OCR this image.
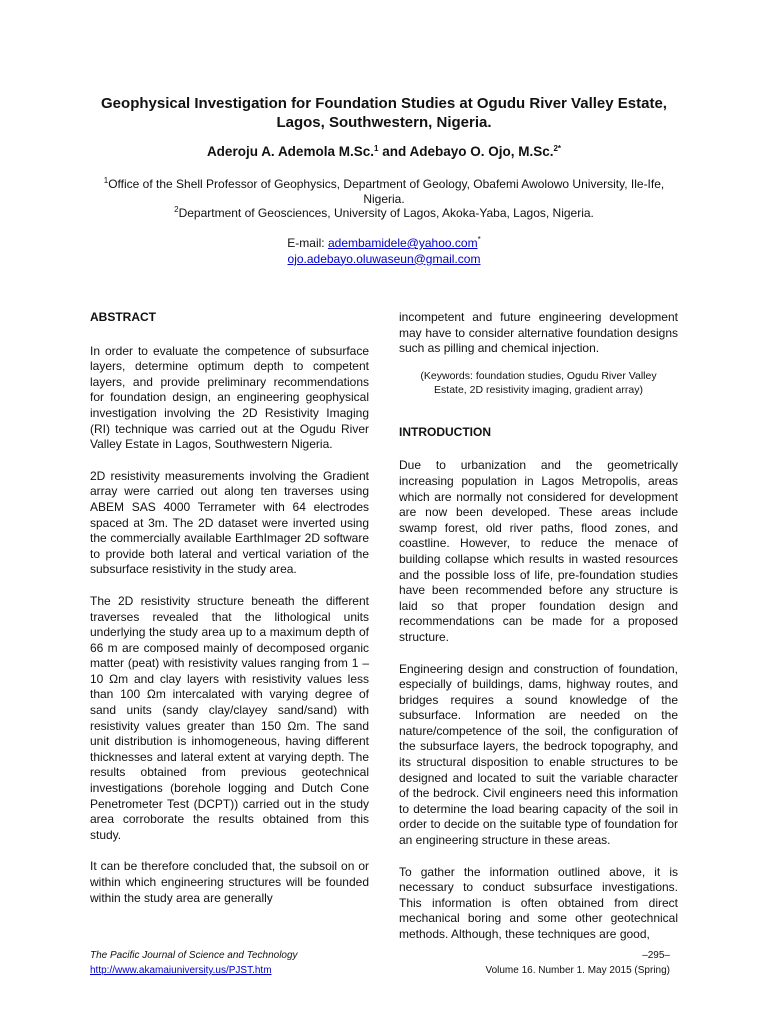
Geophysical Investigation for Foundation Studies at Ogudu River Valley Estate, Lagos, Southwestern, Nigeria.
Aderoju A. Ademola M.Sc.$^1$ and Adebayo O. Ojo, M.Sc.$^{2*}$
$^1$Office of the Shell Professor of Geophysics, Department of Geology, Obafemi Awolowo University, Ile-Ife, Nigeria.
$^2$Department of Geosciences, University of Lagos, Akoka-Yaba, Lagos, Nigeria.
E-mail: adembamidele@yahoo.com*
ojo.adebayo.oluwaseun@gmail.com
ABSTRACT

In order to evaluate the competence of subsurface layers, determine optimum depth to competent layers, and provide preliminary recommendations for foundation design, an engineering geophysical investigation involving the 2D Resistivity Imaging (RI) technique was carried out at the Ogudu River Valley Estate in Lagos, Southwestern Nigeria.

2D resistivity measurements involving the Gradient array were carried out along ten traverses using ABEM SAS 4000 Terrameter with 64 electrodes spaced at 3m. The 2D dataset were inverted using the commercially available EarthImager 2D software to provide both lateral and vertical variation of the subsurface resistivity in the study area.

The 2D resistivity structure beneath the different traverses revealed that the lithological units underlying the study area up to a maximum depth of 66 m are composed mainly of decomposed organic matter (peat) with resistivity values ranging from 1 – 10 Ωm and clay layers with resistivity values less than 100 Ωm intercalated with varying degree of sand units (sandy clay/clayey sand/sand) with resistivity values greater than 150 Ωm. The sand unit distribution is inhomogeneous, having different thicknesses and lateral extent at varying depth. The results obtained from previous geotechnical investigations (borehole logging and Dutch Cone Penetrometer Test (DCPT)) carried out in the study area corroborate the results obtained from this study.

It can be therefore concluded that, the subsoil on or within which engineering structures will be founded within the study area are generally

incompetent and future engineering development may have to consider alternative foundation designs such as pilling and chemical injection.

(Keywords: foundation studies, Ogudu River Valley Estate, 2D resistivity imaging, gradient array)
INTRODUCTION

Due to urbanization and the geometrically increasing population in Lagos Metropolis, areas which are normally not considered for development are now been developed. These areas include swamp forest, old river paths, flood zones, and coastline. However, to reduce the menace of building collapse which results in wasted resources and the possible loss of life, pre-foundation studies have been recommended before any structure is laid so that proper foundation design and recommendations can be made for a proposed structure.

Engineering design and construction of foundation, especially of buildings, dams, highway routes, and bridges requires a sound knowledge of the subsurface. Information are needed on the nature/competence of the soil, the configuration of the subsurface layers, the bedrock topography, and its structural disposition to enable structures to be designed and located to suit the variable character of the bedrock. Civil engineers need this information to determine the load bearing capacity of the soil in order to decide on the suitable type of foundation for an engineering structure in these areas.

To gather the information outlined above, it is necessary to conduct subsurface investigations. This information is often obtained from direct mechanical boring and some other geotechnical methods. Although, these techniques are good,

The Pacific Journal of Science and Technology
http://www.akamaiuniversity.us/PJST.htm
–295–
Volume 16. Number 1. May 2015 (Spring)
